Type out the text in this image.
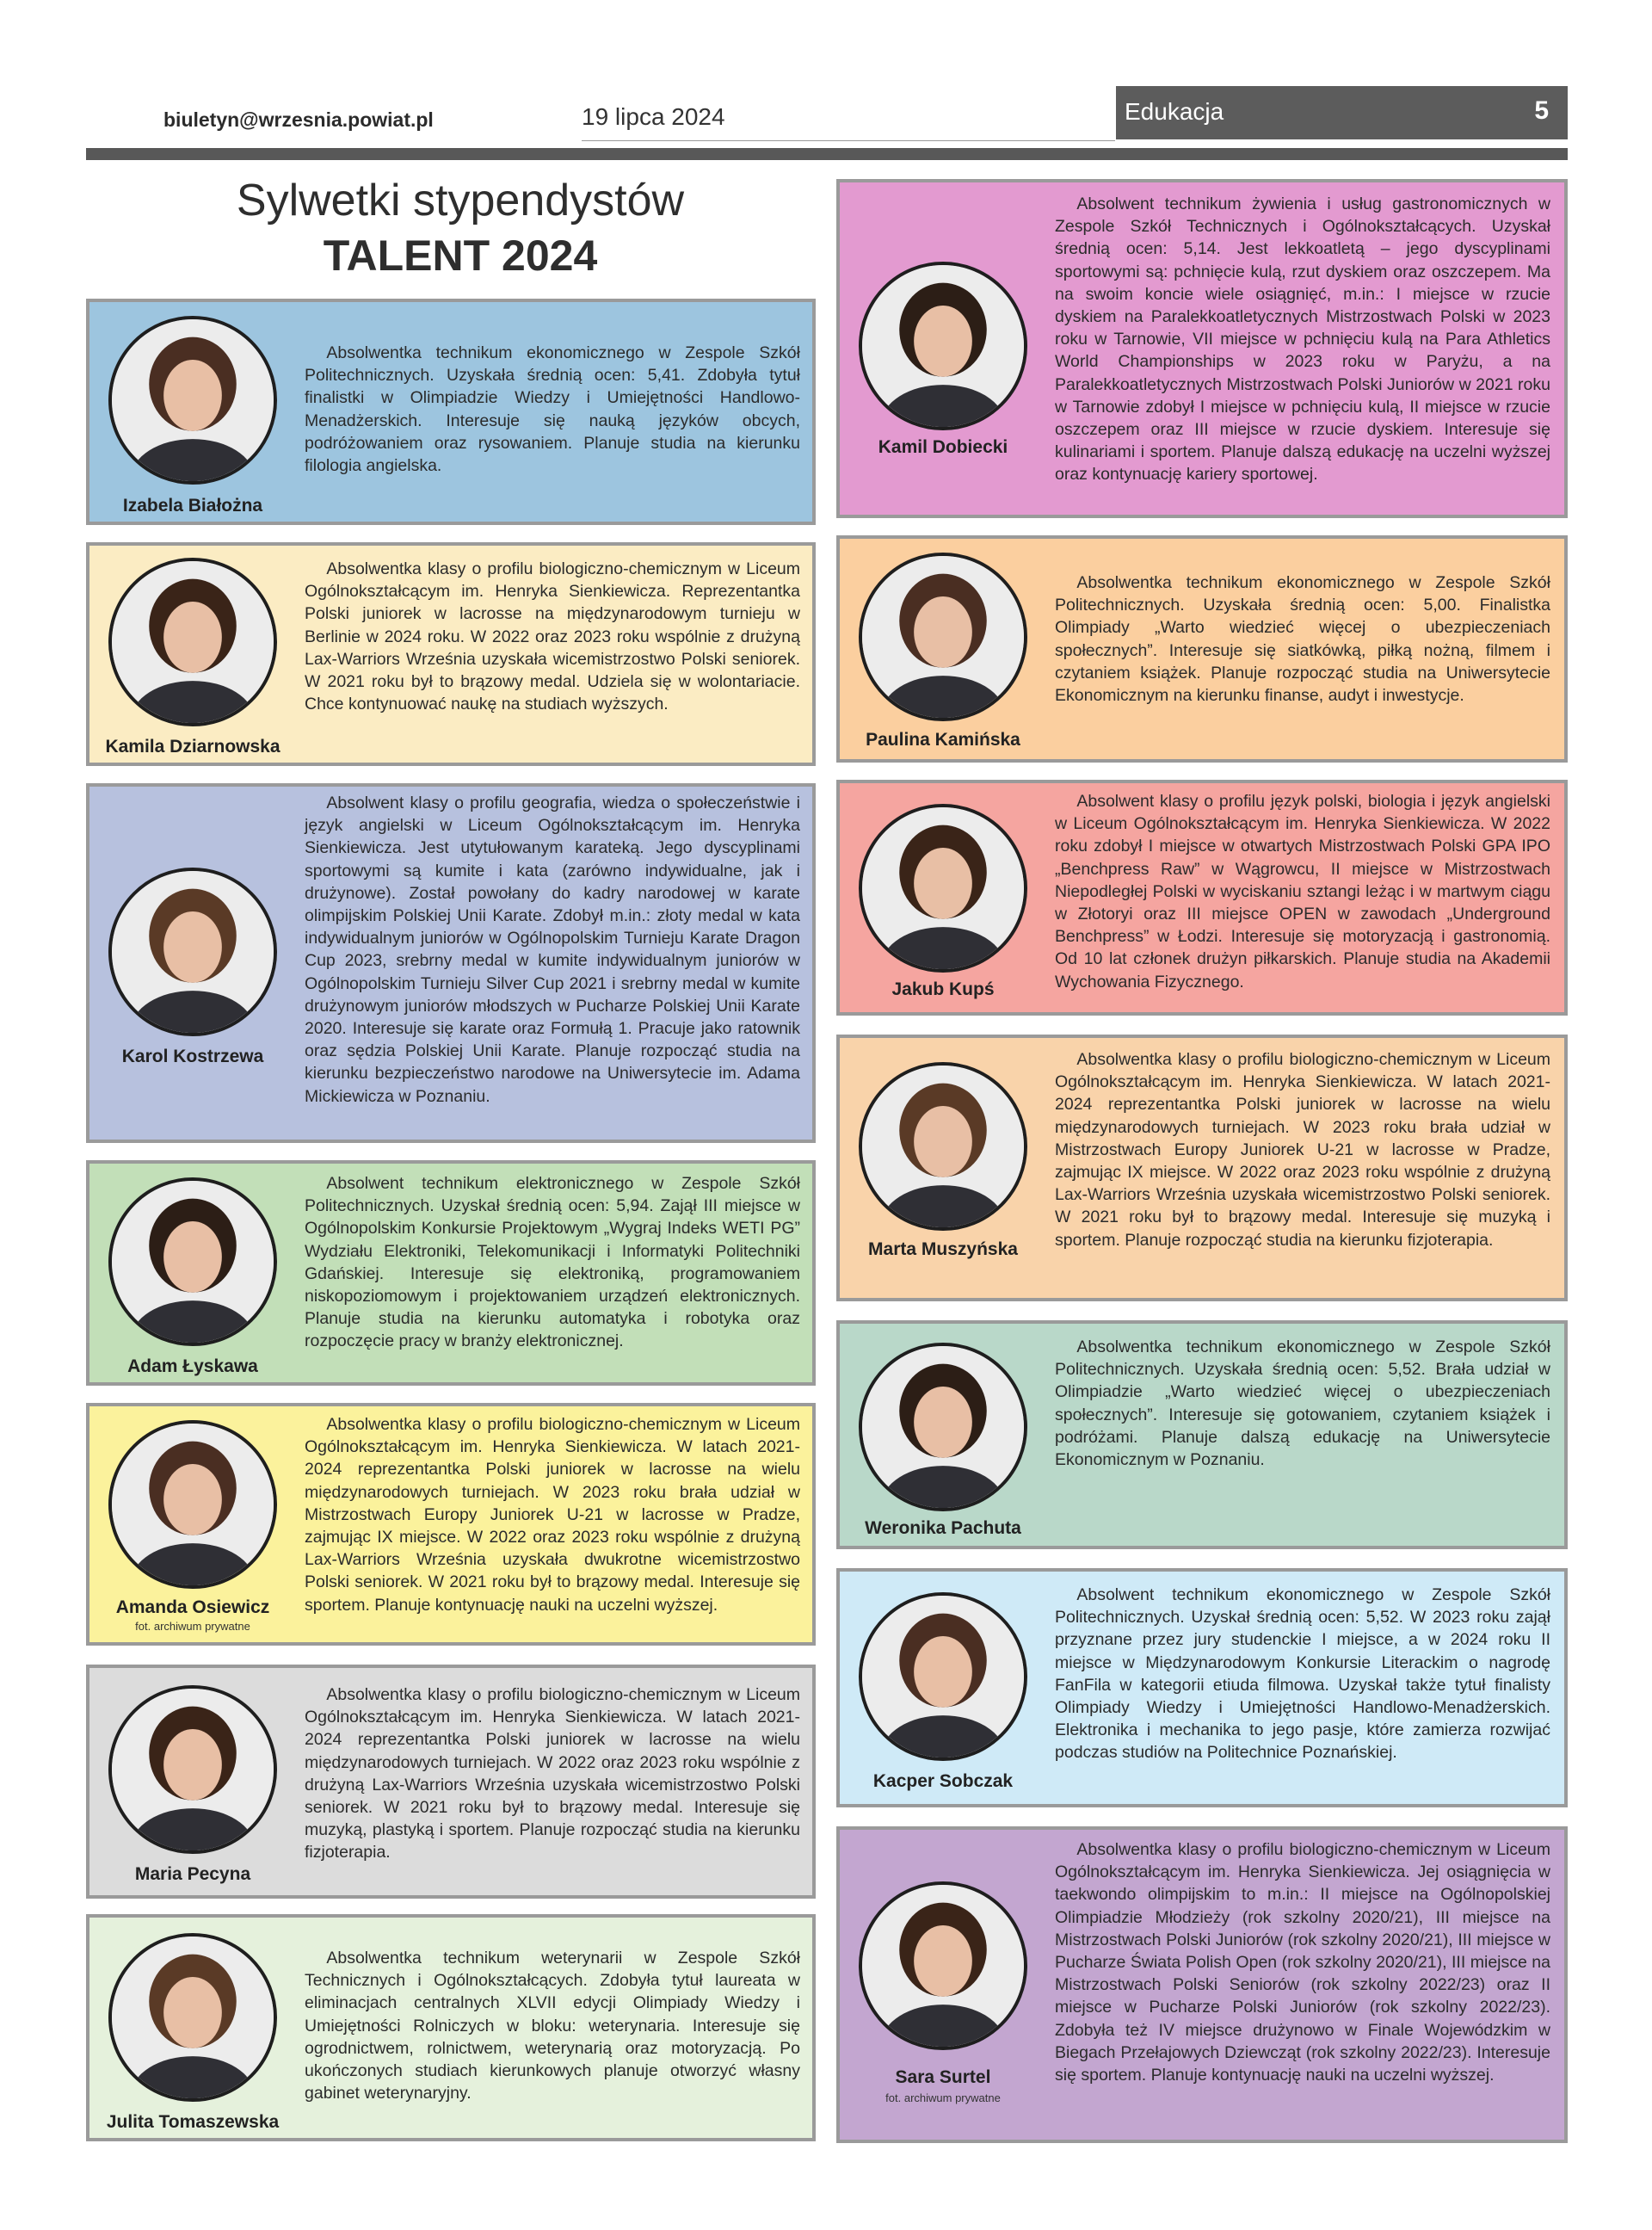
biuletyn@wrzesnia.powiat.pl	19 lipca 2024	Edukacja	5
Sylwetki stypendystów
TALENT 2024
Izabela Białożna
Absolwentka technikum ekonomicznego w Zespole Szkół Politechnicznych. Uzyskała średnią ocen: 5,41. Zdobyła tytuł finalistki w Olimpiadzie Wiedzy i Umiejętności Handlowo-Menadżerskich. Interesuje się nauką języków obcych, podróżowaniem oraz rysowaniem. Planuje studia na kierunku filologia angielska.
Kamila Dziarnowska
Absolwentka klasy o profilu biologiczno-chemicznym w Liceum Ogólnokształcącym im. Henryka Sienkiewicza. Reprezentantka Polski juniorek w lacrosse na międzynarodowym turnieju w Berlinie w 2024 roku. W 2022 oraz 2023 roku wspólnie z drużyną Lax-Warriors Września uzyskała wicemistrzostwo Polski seniorek. W 2021 roku był to brązowy medal. Udziela się w wolontariacie. Chce kontynuować naukę na studiach wyższych.
Karol Kostrzewa
Absolwent klasy o profilu geografia, wiedza o społeczeństwie i język angielski w Liceum Ogólnokształcącym im. Henryka Sienkiewicza. Jest utytułowanym karateką. Jego dyscyplinami sportowymi są kumite i kata (zarówno indywidualne, jak i drużynowe). Został powołany do kadry narodowej w karate olimpijskim Polskiej Unii Karate. Zdobył m.in.: złoty medal w kata indywidualnym juniorów w Ogólnopolskim Turnieju Karate Dragon Cup 2023, srebrny medal w kumite indywidualnym juniorów w Ogólnopolskim Turnieju Silver Cup 2021 i srebrny medal w kumite drużynowym juniorów młodszych w Pucharze Polskiej Unii Karate 2020. Interesuje się karate oraz Formułą 1. Pracuje jako ratownik oraz sędzia Polskiej Unii Karate. Planuje rozpocząć studia na kierunku bezpieczeństwo narodowe na Uniwersytecie im. Adama Mickiewicza w Poznaniu.
Adam Łyskawa
Absolwent technikum elektronicznego w Zespole Szkół Politechnicznych. Uzyskał średnią ocen: 5,94. Zajął III miejsce w Ogólnopolskim Konkursie Projektowym „Wygraj Indeks WETI PG” Wydziału Elektroniki, Telekomunikacji i Informatyki Politechniki Gdańskiej. Interesuje się elektroniką, programowaniem niskopoziomowym i projektowaniem urządzeń elektronicznych. Planuje studia na kierunku automatyka i robotyka oraz rozpoczęcie pracy w branży elektronicznej.
Amanda Osiewicz
fot. archiwum prywatne
Absolwentka klasy o profilu biologiczno-chemicznym w Liceum Ogólnokształcącym im. Henryka Sienkiewicza. W latach 2021-2024 reprezentantka Polski juniorek w lacrosse na wielu międzynarodowych turniejach. W 2023 roku brała udział w Mistrzostwach Europy Juniorek U-21 w lacrosse w Pradze, zajmując IX miejsce. W 2022 oraz 2023 roku wspólnie z drużyną Lax-Warriors Września uzyskała dwukrotne wicemistrzostwo Polski seniorek. W 2021 roku był to brązowy medal. Interesuje się sportem. Planuje kontynuację nauki na uczelni wyższej.
Maria Pecyna
Absolwentka klasy o profilu biologiczno-chemicznym w Liceum Ogólnokształcącym im. Henryka Sienkiewicza. W latach 2021-2024 reprezentantka Polski juniorek w lacrosse na wielu międzynarodowych turniejach. W 2022 oraz 2023 roku wspólnie z drużyną Lax-Warriors Września uzyskała wicemistrzostwo Polski seniorek. W 2021 roku był to brązowy medal. Interesuje się muzyką, plastyką i sportem. Planuje rozpocząć studia na kierunku fizjoterapia.
Julita Tomaszewska
Absolwentka technikum weterynarii w Zespole Szkół Technicznych i Ogólnokształcących. Zdobyła tytuł laureata w eliminacjach centralnych XLVII edycji Olimpiady Wiedzy i Umiejętności Rolniczych w bloku: weterynaria. Interesuje się ogrodnictwem, rolnictwem, weterynarią oraz motoryzacją. Po ukończonych studiach kierunkowych planuje otworzyć własny gabinet weterynaryjny.
Kamil Dobiecki
Absolwent technikum żywienia i usług gastronomicznych w Zespole Szkół Technicznych i Ogólnokształcących. Uzyskał średnią ocen: 5,14. Jest lekkoatletą – jego dyscyplinami sportowymi są: pchnięcie kulą, rzut dyskiem oraz oszczepem. Ma na swoim koncie wiele osiągnięć, m.in.: I miejsce w rzucie dyskiem na Paralekkoatletycznych Mistrzostwach Polski w 2023 roku w Tarnowie, VII miejsce w pchnięciu kulą na Para Athletics World Championships w 2023 roku w Paryżu, a na Paralekkoatletycznych Mistrzostwach Polski Juniorów w 2021 roku w Tarnowie zdobył I miejsce w pchnięciu kulą, II miejsce w rzucie oszczepem oraz III miejsce w rzucie dyskiem. Interesuje się kulinariami i sportem. Planuje dalszą edukację na uczelni wyższej oraz kontynuację kariery sportowej.
Paulina Kamińska
Absolwentka technikum ekonomicznego w Zespole Szkół Politechnicznych. Uzyskała średnią ocen: 5,00. Finalistka Olimpiady „Warto wiedzieć więcej o ubezpieczeniach społecznych”. Interesuje się siatkówką, piłką nożną, filmem i czytaniem książek. Planuje rozpocząć studia na Uniwersytecie Ekonomicznym na kierunku finanse, audyt i inwestycje.
Jakub Kupś
Absolwent klasy o profilu język polski, biologia i język angielski w Liceum Ogólnokształcącym im. Henryka Sienkiewicza. W 2022 roku zdobył I miejsce w otwartych Mistrzostwach Polski GPA IPO „Benchpress Raw” w Wągrowcu, II miejsce w Mistrzostwach Niepodległej Polski w wyciskaniu sztangi leżąc i w martwym ciągu w Złotoryi oraz III miejsce OPEN w zawodach „Underground Benchpress” w Łodzi. Interesuje się motoryzacją i gastronomią. Od 10 lat członek drużyn piłkarskich. Planuje studia na Akademii Wychowania Fizycznego.
Marta Muszyńska
Absolwentka klasy o profilu biologiczno-chemicznym w Liceum Ogólnokształcącym im. Henryka Sienkiewicza. W latach 2021-2024 reprezentantka Polski juniorek w lacrosse na wielu międzynarodowych turniejach. W 2023 roku brała udział w Mistrzostwach Europy Juniorek U-21 w lacrosse w Pradze, zajmując IX miejsce. W 2022 oraz 2023 roku wspólnie z drużyną Lax-Warriors Września uzyskała wicemistrzostwo Polski seniorek. W 2021 roku był to brązowy medal. Interesuje się muzyką i sportem. Planuje rozpocząć studia na kierunku fizjoterapia.
Weronika Pachuta
Absolwentka technikum ekonomicznego w Zespole Szkół Politechnicznych. Uzyskała średnią ocen: 5,52. Brała udział w Olimpiadzie „Warto wiedzieć więcej o ubezpieczeniach społecznych”. Interesuje się gotowaniem, czytaniem książek i podróżami. Planuje dalszą edukację na Uniwersytecie Ekonomicznym w Poznaniu.
Kacper Sobczak
Absolwent technikum ekonomicznego w Zespole Szkół Politechnicznych. Uzyskał średnią ocen: 5,52. W 2023 roku zajął przyznane przez jury studenckie I miejsce, a w 2024 roku II miejsce w Międzynarodowym Konkursie Literackim o nagrodę FanFila w kategorii etiuda filmowa. Uzyskał także tytuł finalisty Olimpiady Wiedzy i Umiejętności Handlowo-Menadżerskich. Elektronika i mechanika to jego pasje, które zamierza rozwijać podczas studiów na Politechnice Poznańskiej.
Sara Surtel
fot. archiwum prywatne
Absolwentka klasy o profilu biologiczno-chemicznym w Liceum Ogólnokształcącym im. Henryka Sienkiewicza. Jej osiągnięcia w taekwondo olimpijskim to m.in.: II miejsce na Ogólnopolskiej Olimpiadzie Młodzieży (rok szkolny 2020/21), III miejsce na Mistrzostwach Polski Juniorów (rok szkolny 2020/21), III miejsce w Pucharze Świata Polish Open (rok szkolny 2020/21), III miejsce na Mistrzostwach Polski Seniorów (rok szkolny 2022/23) oraz II miejsce w Pucharze Polski Juniorów (rok szkolny 2022/23). Zdobyła też IV miejsce drużynowo w Finale Wojewódzkim w Biegach Przełajowych Dziewcząt (rok szkolny 2022/23). Interesuje się sportem. Planuje kontynuację nauki na uczelni wyższej.
